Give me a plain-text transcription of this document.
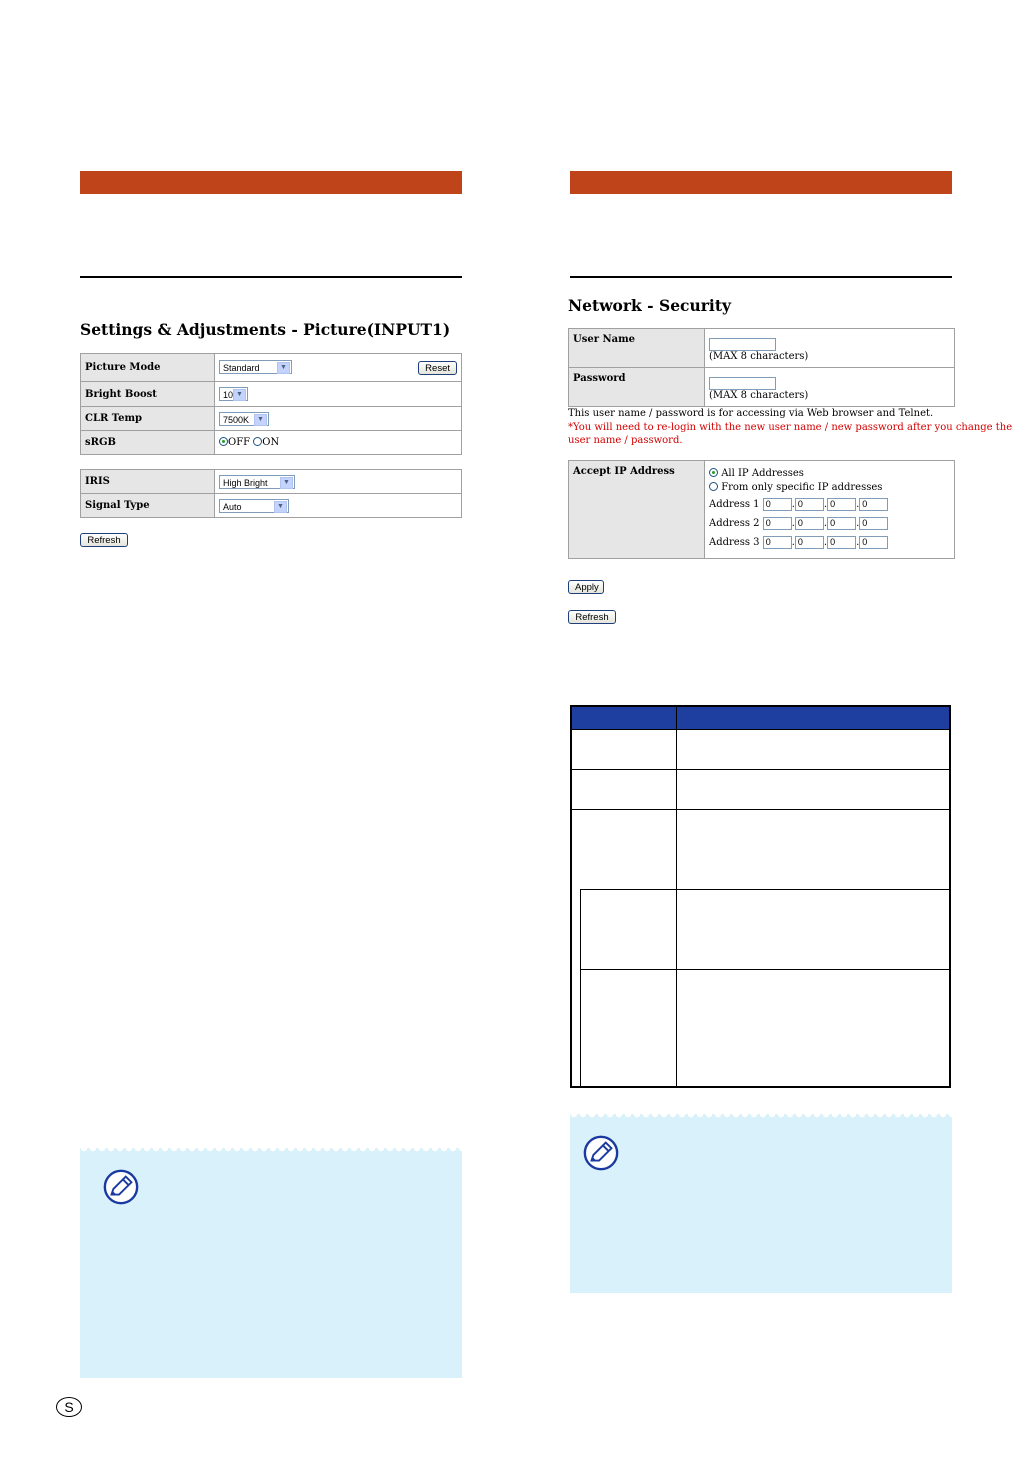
Settings & Adjustments - Picture(INPUT1)
Picture Mode	Standard ▼ Reset

Bright Boost	10 ▼

CLR Temp	7500K ▼

sRGB	OFF ON
IRIS	High Bright ▼

Signal Type	Auto ▼
Refresh
S
Network - Security
User Name	(MAX 8 characters)
Password	(MAX 8 characters)
This user name / password is for accessing via Web browser and Telnet.
*You will need to re-login with the new user name / new password after you change the
user name / password.
Accept IP Address	All IP Addresses
From only specific IP addresses
Address 1 0 . 0 . 0 . 0
Address 2 0 . 0 . 0 . 0
Address 3 0 . 0 . 0 . 0
Apply
Refresh
